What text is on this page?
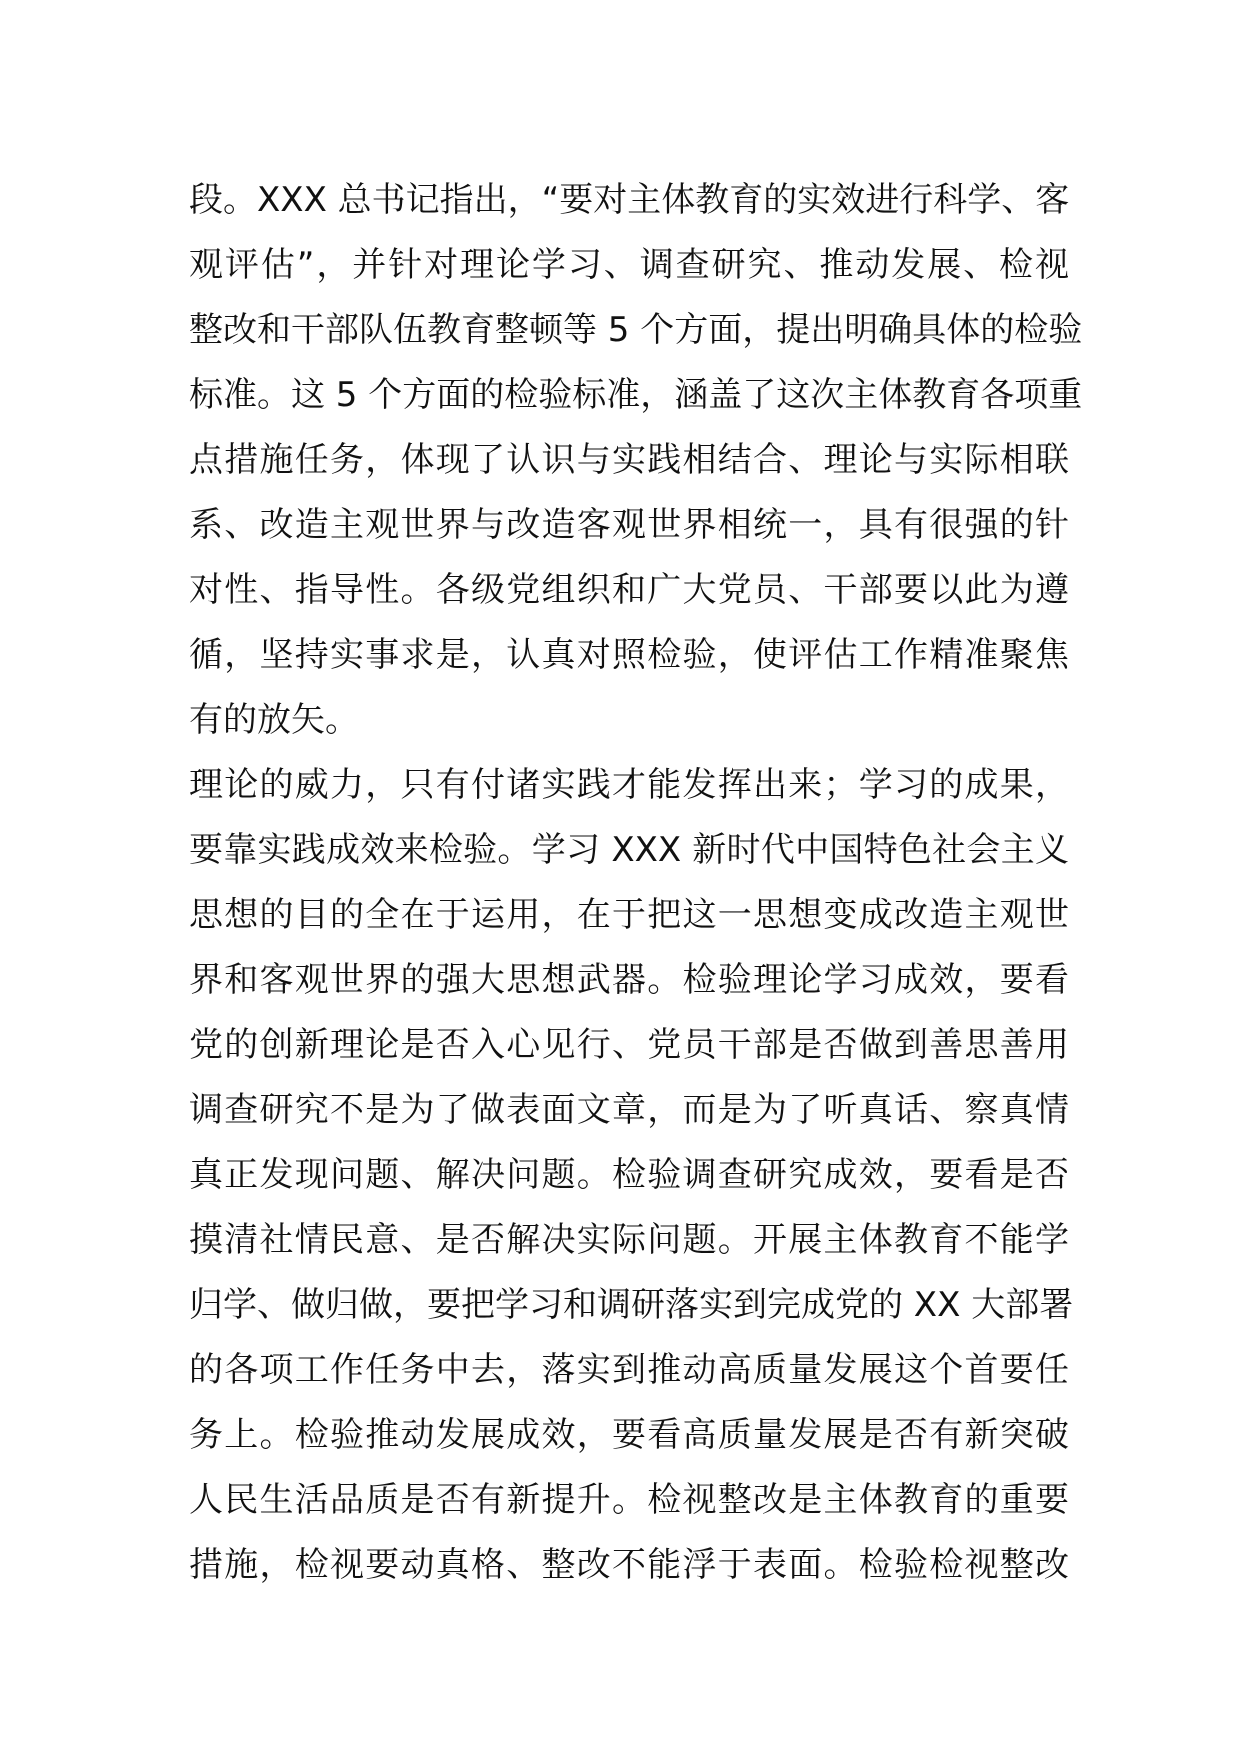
段。XXX 总书记指出，“要对主体教育的实效进行科学、客
观评估”，并针对理论学习、调查研究、推动发展、检视
整改和干部队伍教育整顿等 5 个方面，提出明确具体的检验
标准。这 5 个方面的检验标准，涵盖了这次主体教育各项重
点措施任务，体现了认识与实践相结合、理论与实际相联
系、改造主观世界与改造客观世界相统一，具有很强的针
对性、指导性。各级党组织和广大党员、干部要以此为遵
循，坚持实事求是，认真对照检验，使评估工作精准聚焦
有的放矢。
理论的威力，只有付诸实践才能发挥出来；学习的成果，
要靠实践成效来检验。学习 XXX 新时代中国特色社会主义
思想的目的全在于运用，在于把这一思想变成改造主观世
界和客观世界的强大思想武器。检验理论学习成效，要看
党的创新理论是否入心见行、党员干部是否做到善思善用
调查研究不是为了做表面文章，而是为了听真话、察真情
真正发现问题、解决问题。检验调查研究成效，要看是否
摸清社情民意、是否解决实际问题。开展主体教育不能学
归学、做归做，要把学习和调研落实到完成党的 XX 大部署
的各项工作任务中去，落实到推动高质量发展这个首要任
务上。检验推动发展成效，要看高质量发展是否有新突破
人民生活品质是否有新提升。检视整改是主体教育的重要
措施，检视要动真格、整改不能浮于表面。检验检视整改
